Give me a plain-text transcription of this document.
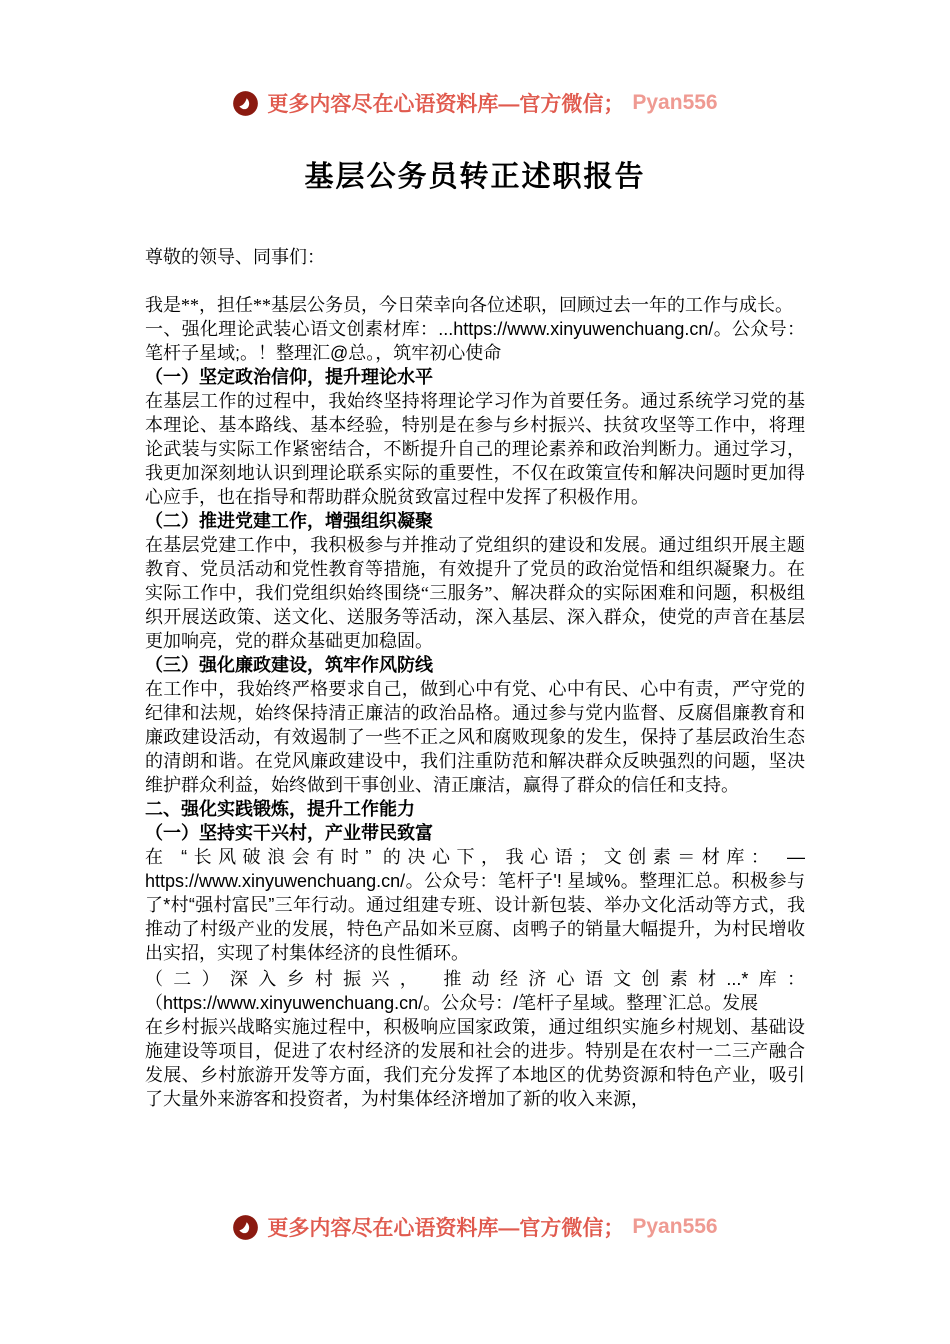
更多内容尽在心语资料库—官方微信； Pyan556
基层公务员转正述职报告

尊敬的领导、同事们：

我是**，担任**基层公务员，今日荣幸向各位述职，回顾过去一年的工作与成长。

一、强化理论武装心语文创素材库：...https://www.xinyuwenchuang.cn/。公众号：笔杆子星域;。！整理汇@总。，筑牢初心使命

（一）坚定政治信仰，提升理论水平

在基层工作的过程中，我始终坚持将理论学习作为首要任务。通过系统学习党的基本理论、基本路线、基本经验，特别是在参与乡村振兴、扶贫攻坚等工作中，将理论武装与实际工作紧密结合，不断提升自己的理论素养和政治判断力。通过学习，我更加深刻地认识到理论联系实际的重要性，不仅在政策宣传和解决问题时更加得心应手，也在指导和帮助群众脱贫致富过程中发挥了积极作用。

（二）推进党建工作，增强组织凝聚

在基层党建工作中，我积极参与并推动了党组织的建设和发展。通过组织开展主题教育、党员活动和党性教育等措施，有效提升了党员的政治觉悟和组织凝聚力。在实际工作中，我们党组织始终围绕“三服务”、解决群众的实际困难和问题，积极组织开展送政策、送文化、送服务等活动，深入基层、深入群众，使党的声音在基层更加响亮，党的群众基础更加稳固。

（三）强化廉政建设，筑牢作风防线

在工作中，我始终严格要求自己，做到心中有党、心中有民、心中有责，严守党的纪律和法规，始终保持清正廉洁的政治品格。通过参与党内监督、反腐倡廉教育和廉政建设活动，有效遏制了一些不正之风和腐败现象的发生，保持了基层政治生态的清朗和谐。在党风廉政建设中，我们注重防范和解决群众反映强烈的问题，坚决维护群众利益，始终做到干事创业、清正廉洁，赢得了群众的信任和支持。

二、强化实践锻炼，提升工作能力

（一）坚持实干兴村，产业带民致富

在 “长风破浪会有时” 的决心下，我心语；文创素＝材库： — https://www.xinyuwenchuang.cn/。公众号：笔杆子'! 星域%。整理汇总。积极参与了*村“强村富民”三年行动。通过组建专班、设计新包装、举办文化活动等方式，我推动了村级产业的发展，特色产品如米豆腐、卤鸭子的销量大幅提升，为村民增收出实招，实现了村集体经济的良性循环。

（二）深入乡村振兴， 推动经济心语文创素材...*库： （https://www.xinyuwenchuang.cn/。公众号：/笔杆子星域。整理`汇总。发展

在乡村振兴战略实施过程中，积极响应国家政策，通过组织实施乡村规划、基础设施建设等项目，促进了农村经济的发展和社会的进步。特别是在农村一二三产融合发展、乡村旅游开发等方面，我们充分发挥了本地区的优势资源和特色产业，吸引了大量外来游客和投资者，为村集体经济增加了新的收入来源，

更多内容尽在心语资料库—官方微信； Pyan556
